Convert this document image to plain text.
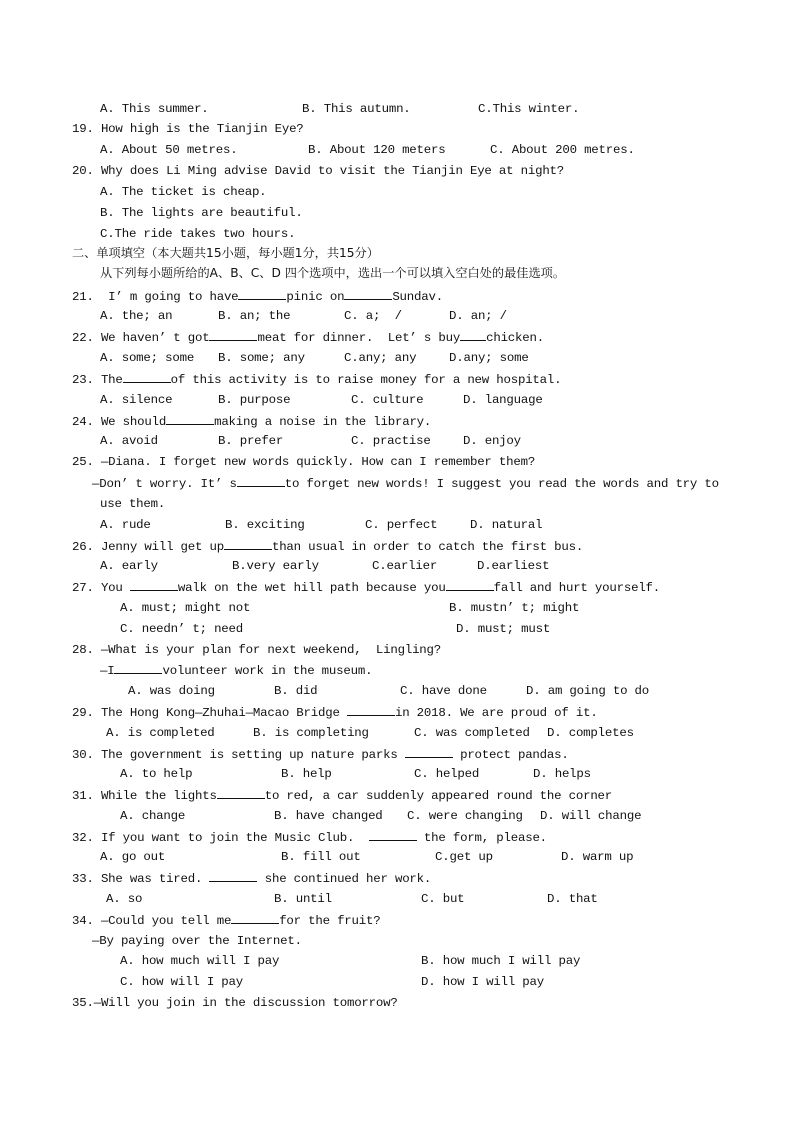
A. This summer.

	B. This autumn.

	C.This winter.

19. How high is the Tianjin Eye?

A. About 50 metres.

	B. About 120 meters

	C. About 200 metres.

20. Why does Li Ming advise David to visit the Tianjin Eye at night?

A. The ticket is cheap.

B. The lights are beautiful.

C.The ride takes two hours.

二、单项填空（本大题共15小题，每小题1分，共15分）

从下列每小题所给的A、B、C、D 四个选项中，选出一个可以填入空白处的最佳选项。

21.  I’ m going to have	pinic on	Sundav.

A. the; an

	B. an; the

	C. a;  /

	D. an; /

22. We haven’ t got	meat for dinner.  Let’ s buy chicken.

A. some; some

B. some; any

	C.any; any

	D.any; some

23. The	of this activity is to raise money for a new hospital.

A. silence

	B. purpose

	C. culture

	D. language

24. We should	making a noise in the library.

A. avoid

	B. prefer

	C. practise

	D. enjoy

25. —Diana. I forget new words quickly. How can I remember them?

—Don’ t worry. It’ s	to forget new words! I suggest you read the words and try to

use them.

A. rude

	B. exciting

	C. perfect

	D. natural

26. Jenny will get up	than usual in order to catch the first bus.

A. early

	B.very early

	C.earlier

	D.earliest

27. You	walk on the wet hill path because you	fall and hurt yourself.

A. must; might not

	B. mustn’ t; might

C. needn’ t; need

	D. must; must

28. —What is your plan for next weekend,  Lingling?

—I	volunteer work in the museum.

A. was doing

	B. did

	C. have done

	D. am going to do

29. The Hong Kong—Zhuhai—Macao Bridge	in 2018. We are proud of it.

A. is completed

	B. is completing

	C. was completed

D. completes

30. The government is setting up nature parks	protect pandas.

A. to help

	B. help

	C. helped

	D. helps

31. While the lights	to red, a car suddenly appeared round the corner

A. change

	B. have changed

C. were changing

D. will change

32. If you want to join the Music Club.	the form, please.

A. go out

	B. fill out

	C.get up

	D. warm up

33. She was tired.	she continued her work.

A. so

	B. until

	C. but

	D. that

34. —Could you tell me	for the fruit?

—By paying over the Internet.

A. how much will I pay

	B. how much I will pay

C. how will I pay

	D. how I will pay

35.—Will you join in the discussion tomorrow?
